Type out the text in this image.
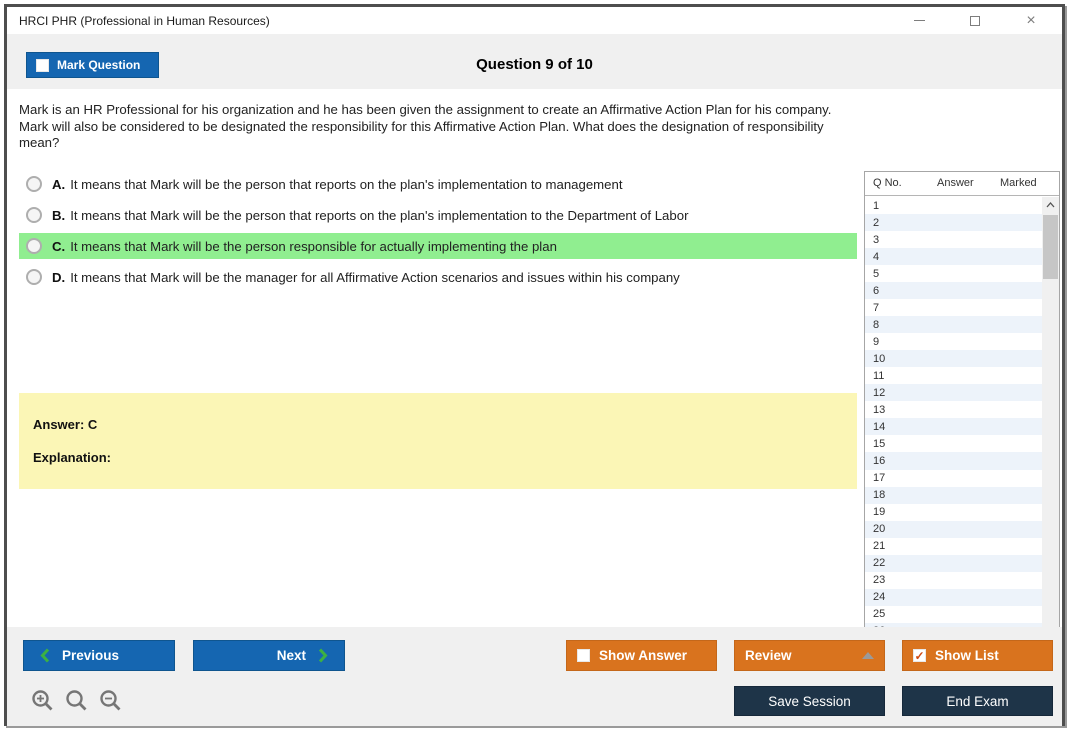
HRCI PHR (Professional in Human Resources)	×
Mark Question	Question 9 of 10
Mark is an HR Professional for his organization and he has been given the assignment to create an Affirmative Action Plan for his company. Mark will also be considered to be designated the responsibility for this Affirmative Action Plan. What does the designation of responsibility mean?
A. It means that Mark will be the person that reports on the plan's implementation to management
B. It means that Mark will be the person that reports on the plan's implementation to the Department of Labor
C. It means that Mark will be the person responsible for actually implementing the plan
D. It means that Mark will be the manager for all Affirmative Action scenarios and issues within his company
Answer: C
Explanation:
Q No.	Answer Marked
1
2
3
4
5
6
7
8
9
10
11
12
13
14
15
16
17
18
19
20
21
22
23
24
25
Previous	Next	Show Answer	Review	✓ Show List
Save Session	End Exam
